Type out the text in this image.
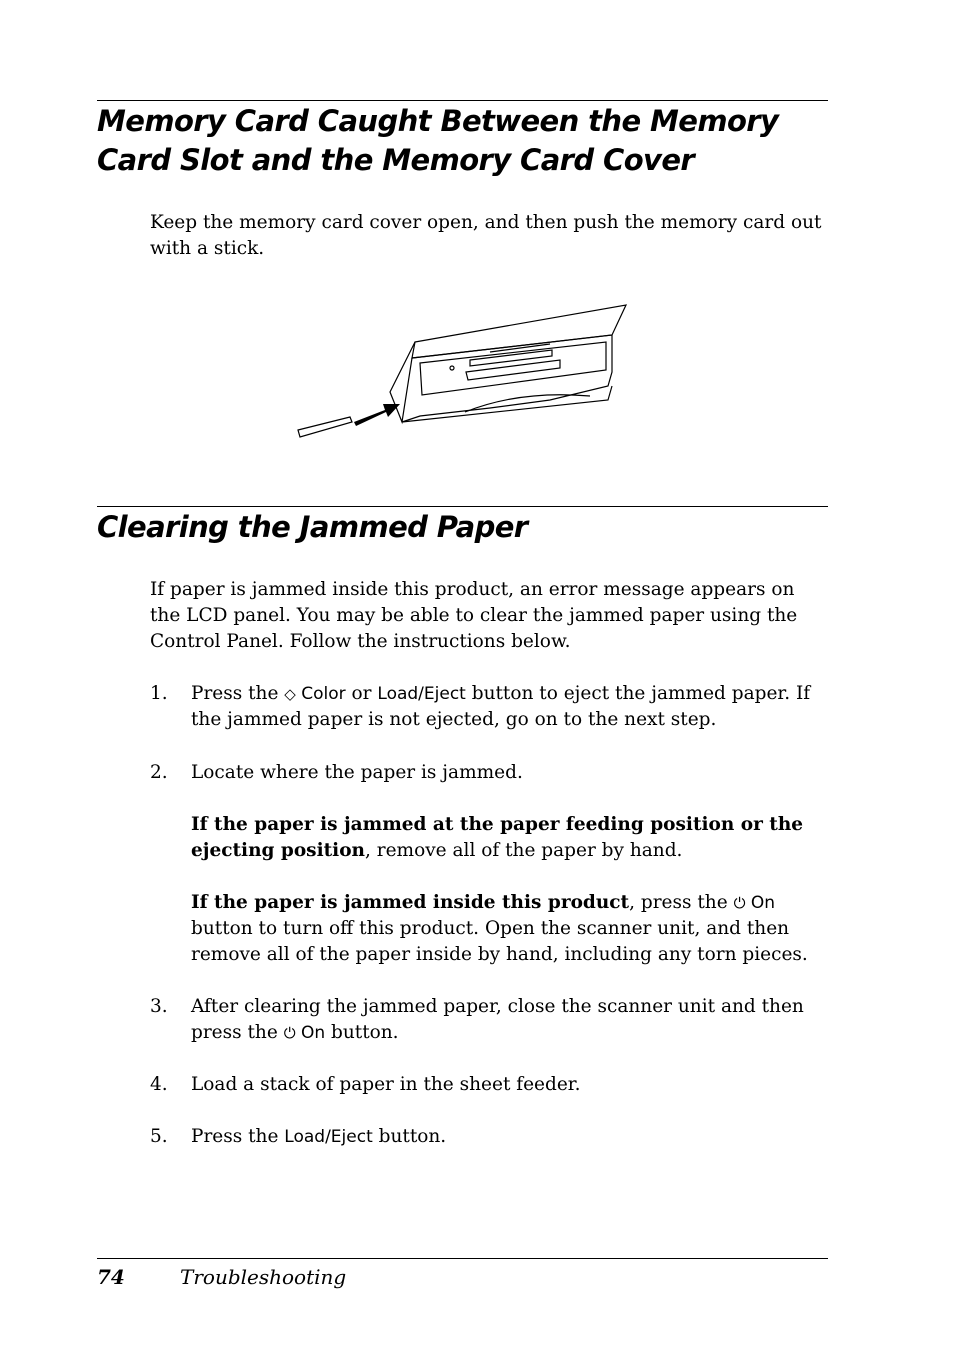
Memory Card Caught Between the Memory
Card Slot and the Memory Card Cover

Keep the memory card cover open, and then push the memory card out with a stick.

Clearing the Jammed Paper

If paper is jammed inside this product, an error message appears on the LCD panel. You may be able to clear the jammed paper using the Control Panel. Follow the instructions below.

1. Press the ◇ Color or Load/Eject button to eject the jammed paper. If the jammed paper is not ejected, go on to the next step.
2. Locate where the paper is jammed.

If the paper is jammed at the paper feeding position or the ejecting position, remove all of the paper by hand.

If the paper is jammed inside this product, press the ⏻ On button to turn off this product. Open the scanner unit, and then remove all of the paper inside by hand, including any torn pieces.

3. After clearing the jammed paper, close the scanner unit and then press the ⏻ On button.
4. Load a stack of paper in the sheet feeder.
5. Press the Load/Eject button.
74	Troubleshooting
